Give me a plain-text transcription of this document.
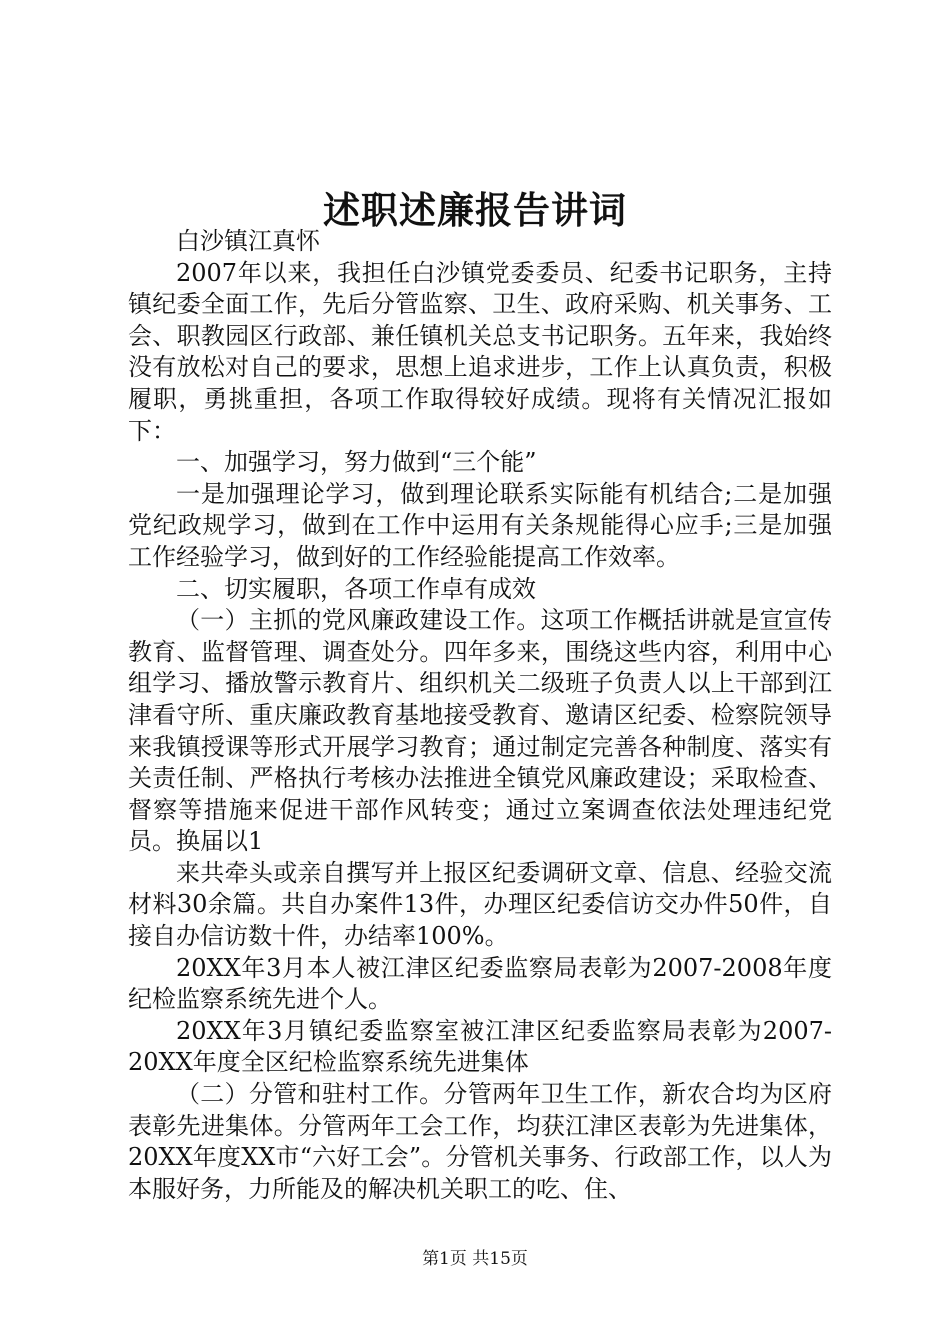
述职述廉报告讲词

白沙镇江真怀

2007年以来，我担任白沙镇党委委员、纪委书记职务，主持镇纪委全面工作，先后分管监察、卫生、政府采购、机关事务、工会、职教园区行政部、兼任镇机关总支书记职务。五年来，我始终没有放松对自己的要求，思想上追求进步，工作上认真负责，积极履职，勇挑重担，各项工作取得较好成绩。现将有关情况汇报如下：

一、加强学习，努力做到“三个能”

一是加强理论学习，做到理论联系实际能有机结合;二是加强党纪政规学习，做到在工作中运用有关条规能得心应手;三是加强工作经验学习，做到好的工作经验能提高工作效率。

二、切实履职，各项工作卓有成效

（一）主抓的党风廉政建设工作。这项工作概括讲就是宣宣传教育、监督管理、调查处分。四年多来，围绕这些内容，利用中心组学习、播放警示教育片、组织机关二级班子负责人以上干部到江津看守所、重庆廉政教育基地接受教育、邀请区纪委、检察院领导来我镇授课等形式开展学习教育；通过制定完善各种制度、落实有关责任制、严格执行考核办法推进全镇党风廉政建设；采取检查、督察等措施来促进干部作风转变；通过立案调查依法处理违纪党员。换届以1

来共牵头或亲自撰写并上报区纪委调研文章、信息、经验交流材料30余篇。共自办案件13件，办理区纪委信访交办件50件，自接自办信访数十件，办结率100%。

20XX年3月本人被江津区纪委监察局表彰为2007-2008年度纪检监察系统先进个人。

20XX年3月镇纪委监察室被江津区纪委监察局表彰为2007-20XX年度全区纪检监察系统先进集体

（二）分管和驻村工作。分管两年卫生工作，新农合均为区府表彰先进集体。分管两年工会工作，均获江津区表彰为先进集体，20XX年度XX市“六好工会”。分管机关事务、行政部工作，以人为本服好务，力所能及的解决机关职工的吃、住、

第1页 共15页
